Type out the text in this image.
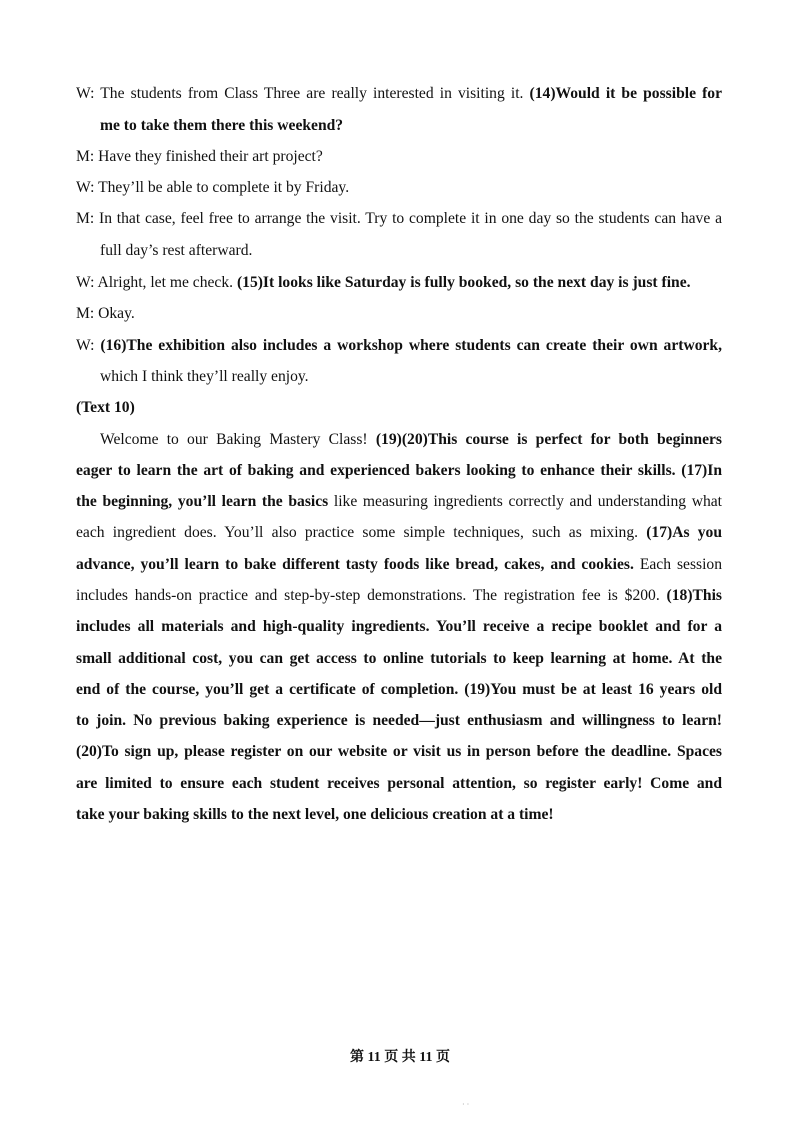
W: The students from Class Three are really interested in visiting it. (14)Would it be possible for
me to take them there this weekend?
M: Have they finished their art project?
W: They’ll be able to complete it by Friday.
M: In that case, feel free to arrange the visit. Try to complete it in one day so the students can have a
full day’s rest afterward.
W: Alright, let me check. (15)It looks like Saturday is fully booked, so the next day is just fine.
M: Okay.
W: (16)The exhibition also includes a workshop where students can create their own artwork,
which I think they’ll really enjoy.
(Text 10)
Welcome to our Baking Mastery Class! (19)(20)This course is perfect for both beginners
eager to learn the art of baking and experienced bakers looking to enhance their skills. (17)In
the beginning, you’ll learn the basics like measuring ingredients correctly and understanding what
each ingredient does. You’ll also practice some simple techniques, such as mixing. (17)As you
advance, you’ll learn to bake different tasty foods like bread, cakes, and cookies. Each session
includes hands-on practice and step-by-step demonstrations. The registration fee is $200. (18)This
includes all materials and high-quality ingredients. You’ll receive a recipe booklet and for a
small additional cost, you can get access to online tutorials to keep learning at home. At the
end of the course, you’ll get a certificate of completion. (19)You must be at least 16 years old
to join. No previous baking experience is needed—just enthusiasm and willingness to learn!
(20)To sign up, please register on our website or visit us in person before the deadline. Spaces
are limited to ensure each student receives personal attention, so register early! Come and
take your baking skills to the next level, one delicious creation at a time!
第 11 页 共 11 页
· ·
